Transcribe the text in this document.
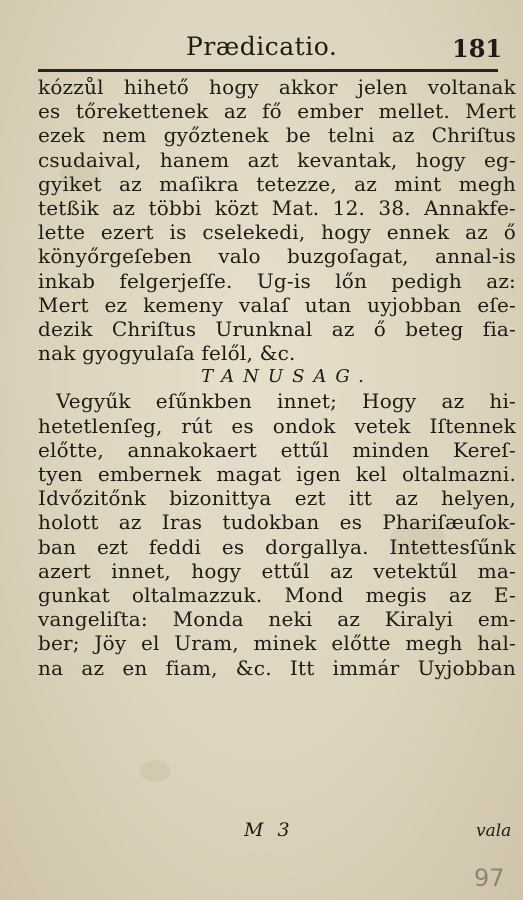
Prædicatio.	181
kózzůl hihető hogy akkor jelen voltanak
es tőrekettenek az fő ember mellet. Mert
ezek nem győztenek be telni az Chriſtus
csudaival, hanem azt kevantak, hogy eg-
gyiket az maſikra tetezze, az mint megh
tetßik az többi közt Mat. 12. 38. Annakfe-
lette ezert is cselekedi, hogy ennek az ő
könyőrgeſeben valo buzgoſagat, annal-is
inkab felgerjeſſe. Ug-is lőn pedigh az:
Mert ez kemeny valaſ utan uyjobban eſe-
dezik Chriſtus Urunknal az ő beteg fia-
nak gyogyulaſa felől, &c.
TANUSAG.
Vegyűk eſűnkben innet; Hogy az hi-
hetetlenſeg, rút es ondok vetek Iſtennek
előtte, annakokaert ettűl minden Kereſ-
tyen embernek magat igen kel oltalmazni.
Idvőzitőnk bizonittya ezt itt az helyen,
holott az Iras tudokban es Phariſæuſok-
ban ezt feddi es dorgallya. Intettesſűnk
azert innet, hogy ettűl az vetektűl ma-
gunkat oltalmazzuk. Mond megis az E-
vangeliſta: Monda neki az Kiralyi em-
ber; Jöy el Uram, minek előtte megh hal-
na az en fiam, &c. Itt immár Uyjobban
M 3	vala
97
